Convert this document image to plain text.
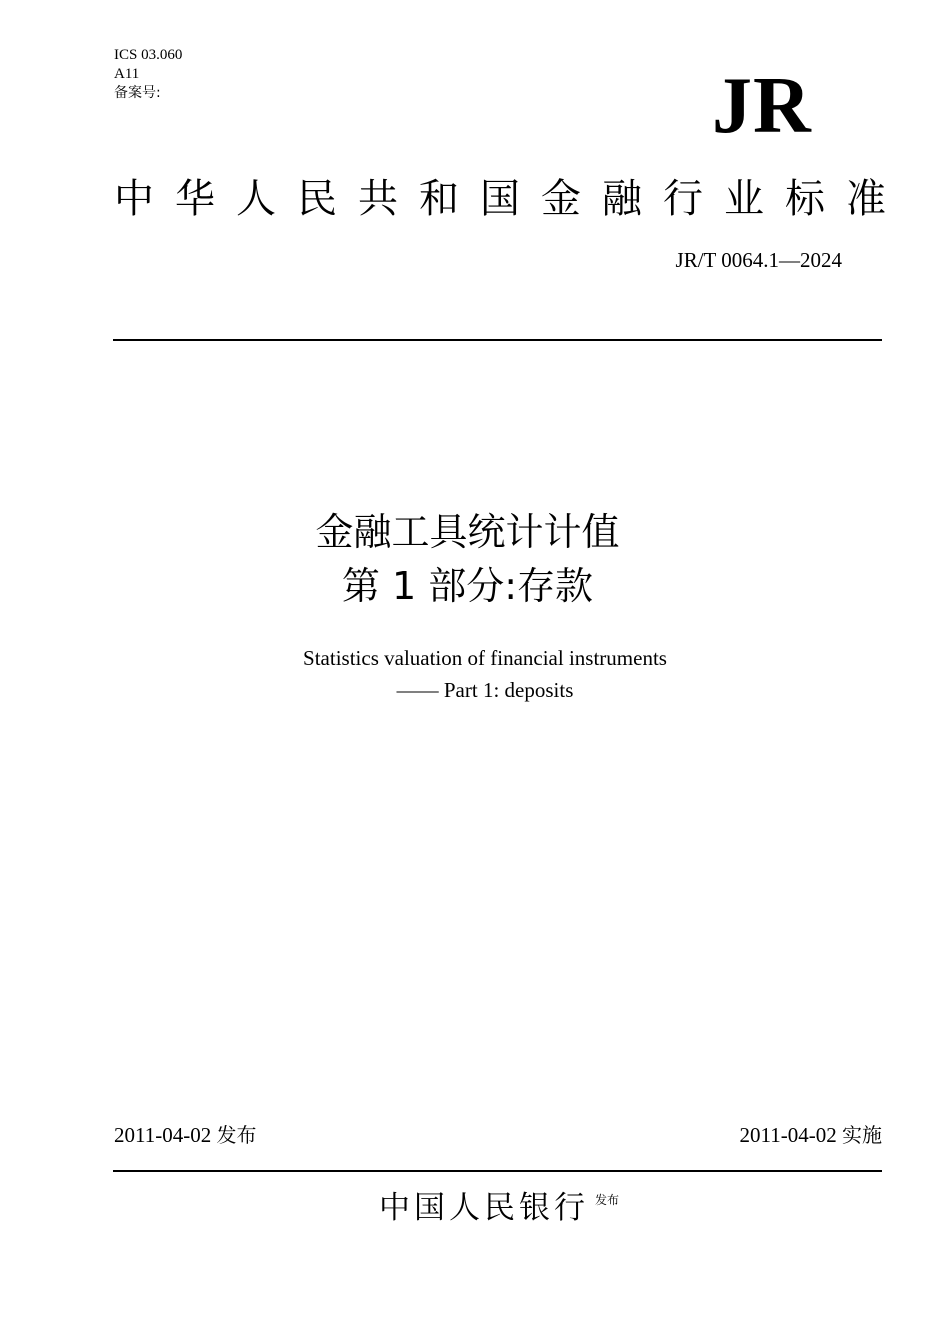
ICS 03.060
A11
备案号:	JR
中华人民共和国金融行业标准
JR/T 0064.1—2024
金融工具统计计值
第 1 部分:存款
Statistics valuation of financial instruments
—— Part 1: deposits
2011-04-02 发布	2011-04-02 实施
中国人民银行 $^{发布}$
